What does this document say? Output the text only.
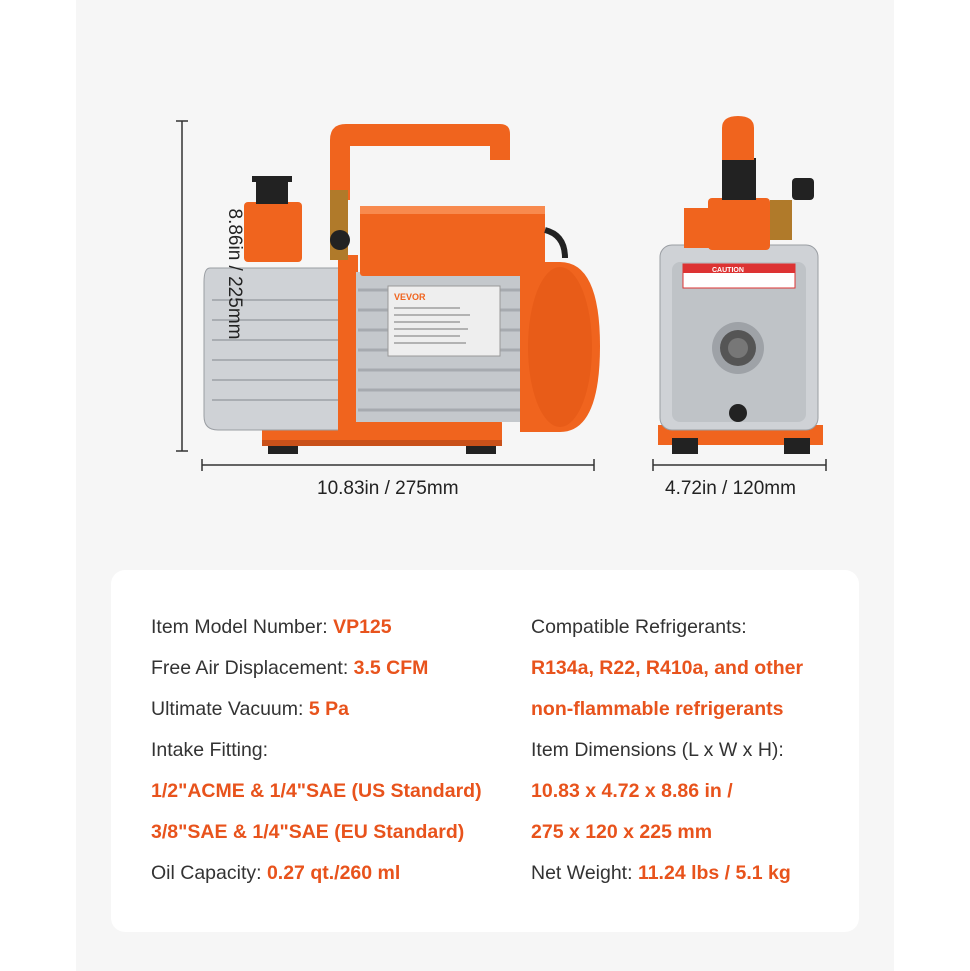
VEVOR
CAUTION
8.86in / 225mm
10.83in / 275mm	4.72in / 120mm
Item Model Number: VP125
Free Air Displacement: 3.5 CFM
Ultimate Vacuum: 5 Pa
Intake Fitting:
1/2"ACME & 1/4"SAE (US Standard)
3/8"SAE & 1/4"SAE (EU Standard)
Oil Capacity: 0.27 qt./260 ml
Compatible Refrigerants:
R134a, R22, R410a, and other
non-flammable refrigerants
Item Dimensions (L x W x H):
10.83 x 4.72 x 8.86 in /
275 x 120 x 225 mm
Net Weight: 11.24 lbs / 5.1 kg
